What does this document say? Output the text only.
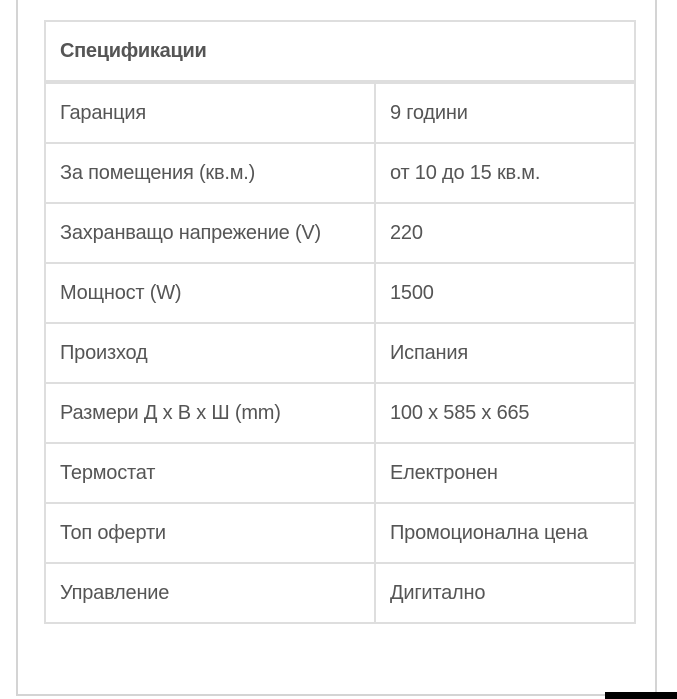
Спецификации	
Гаранция	9 години
За помещения (кв.м.)	от 10 до 15 кв.м.
Захранващо напрежение (V)	220
Мощност (W)	1500
Произход	Испания
Размери Д х В х Ш (mm)	100 x 585 x 665
Термостат	Електронен
Топ оферти	Промоционална цена
Управление	Дигитално
